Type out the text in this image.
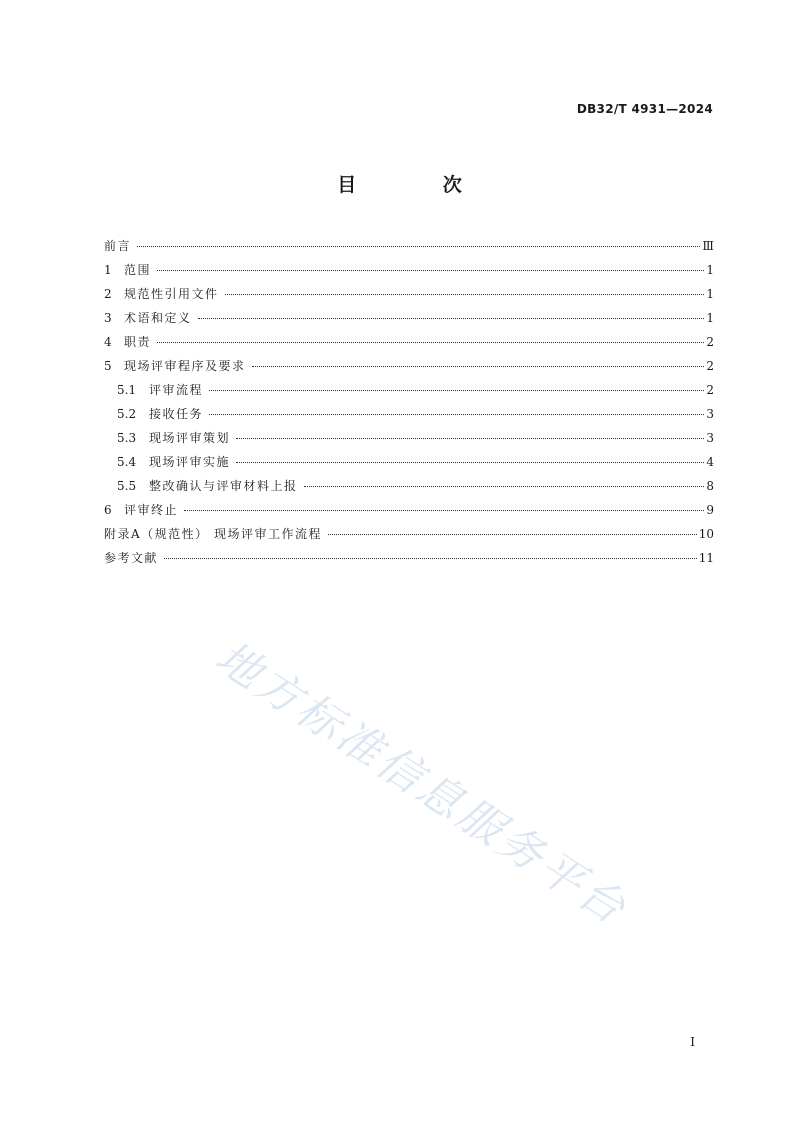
DB32/T 4931—2024
目 次
前言	Ⅲ
1	范围	1
2	规范性引用文件	1
3	术语和定义	1
4	职责	2
5	现场评审程序及要求	2
5.1	评审流程	2
5.2	接收任务	3
5.3	现场评审策划	3
5.4	现场评审实施	4
5.5	整改确认与评审材料上报	8
6	评审终止	9
附录A（规范性） 现场评审工作流程	10
参考文献	11
地方标准信息服务平台
I
